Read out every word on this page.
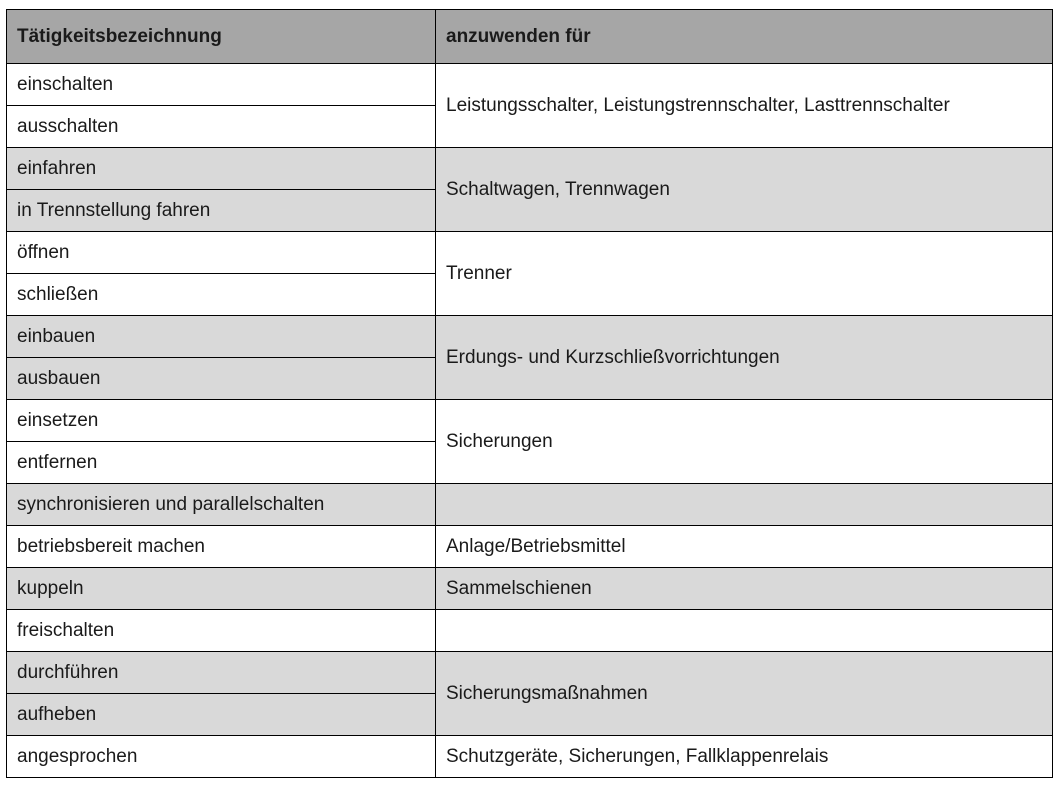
Tätigkeitsbezeichnung	anzuwenden für
einschalten	Leistungsschalter, Leistungstrennschalter, Lasttrennschalter
ausschalten	
einfahren	Schaltwagen, Trennwagen
in Trennstellung fahren	
öffnen	Trenner
schließen	
einbauen	Erdungs- und Kurzschließvorrichtungen
ausbauen	
einsetzen	Sicherungen
entfernen	
synchronisieren und parallelschalten	
betriebsbereit machen	Anlage/Betriebsmittel
kuppeln	Sammelschienen
freischalten	
durchführen	Sicherungsmaßnahmen
aufheben	
angesprochen	Schutzgeräte, Sicherungen, Fallklappenrelais
